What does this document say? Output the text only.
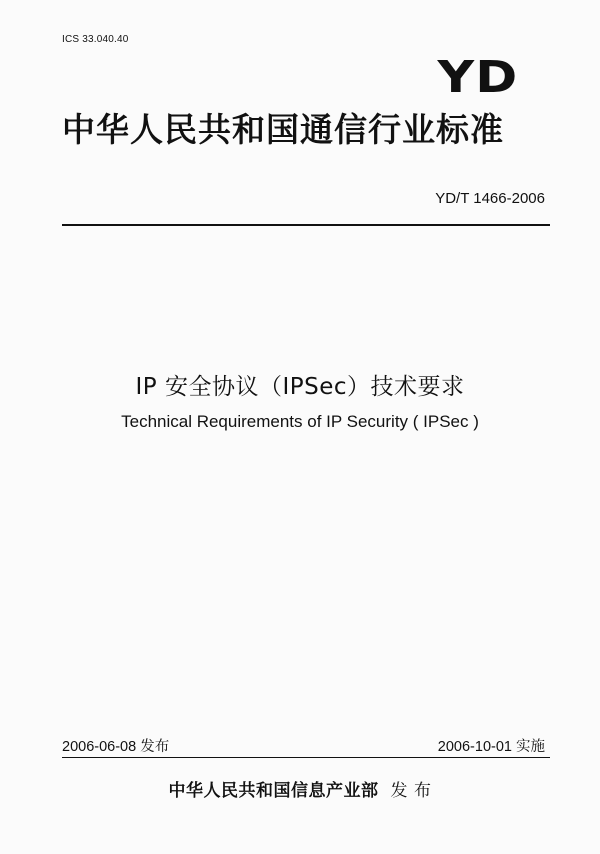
ICS 33.040.40
YD
中华人民共和国通信行业标准
YD/T 1466-2006
IP 安全协议（IPSec）技术要求
Technical Requirements of IP Security ( IPSec )
2006-06-08 发布	2006-10-01 实施
中华人民共和国信息产业部 发 布
